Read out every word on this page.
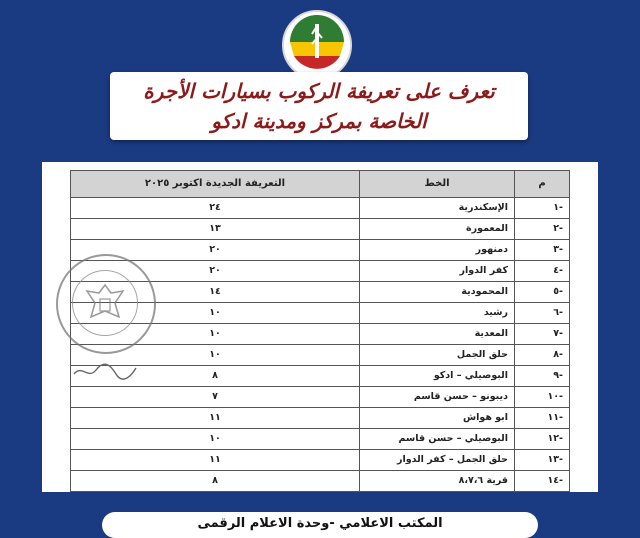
تعرف على تعريفة الركوب بسيارات الأجرة
الخاصة بمركز ومدينة ادكو
م	الخط	التعريفة الجديدة اكتوبر ٢٠٢٥
-١	الإسكندرية	٢٤
-٢	المعمورة	١٣
-٣	دمنهور	٢٠
-٤	كفر الدوار	٢٠
-٥	المحمودية	١٤
-٦	رشيد	١٠
-٧	المعدية	١٠
-٨	حلق الجمل	١٠
-٩	البوصيلي – ادكو	٨
-١٠	ديبونو – حسن قاسم	٧
-١١	ابو هواش	١١
-١٢	البوصيلي – حسن قاسم	١٠
-١٣	حلق الجمل – كفر الدوار	١١
-١٤	قرية ٨،٧،٦	٨
المكتب الاعلامي -وحدة الاعلام الرقمى
